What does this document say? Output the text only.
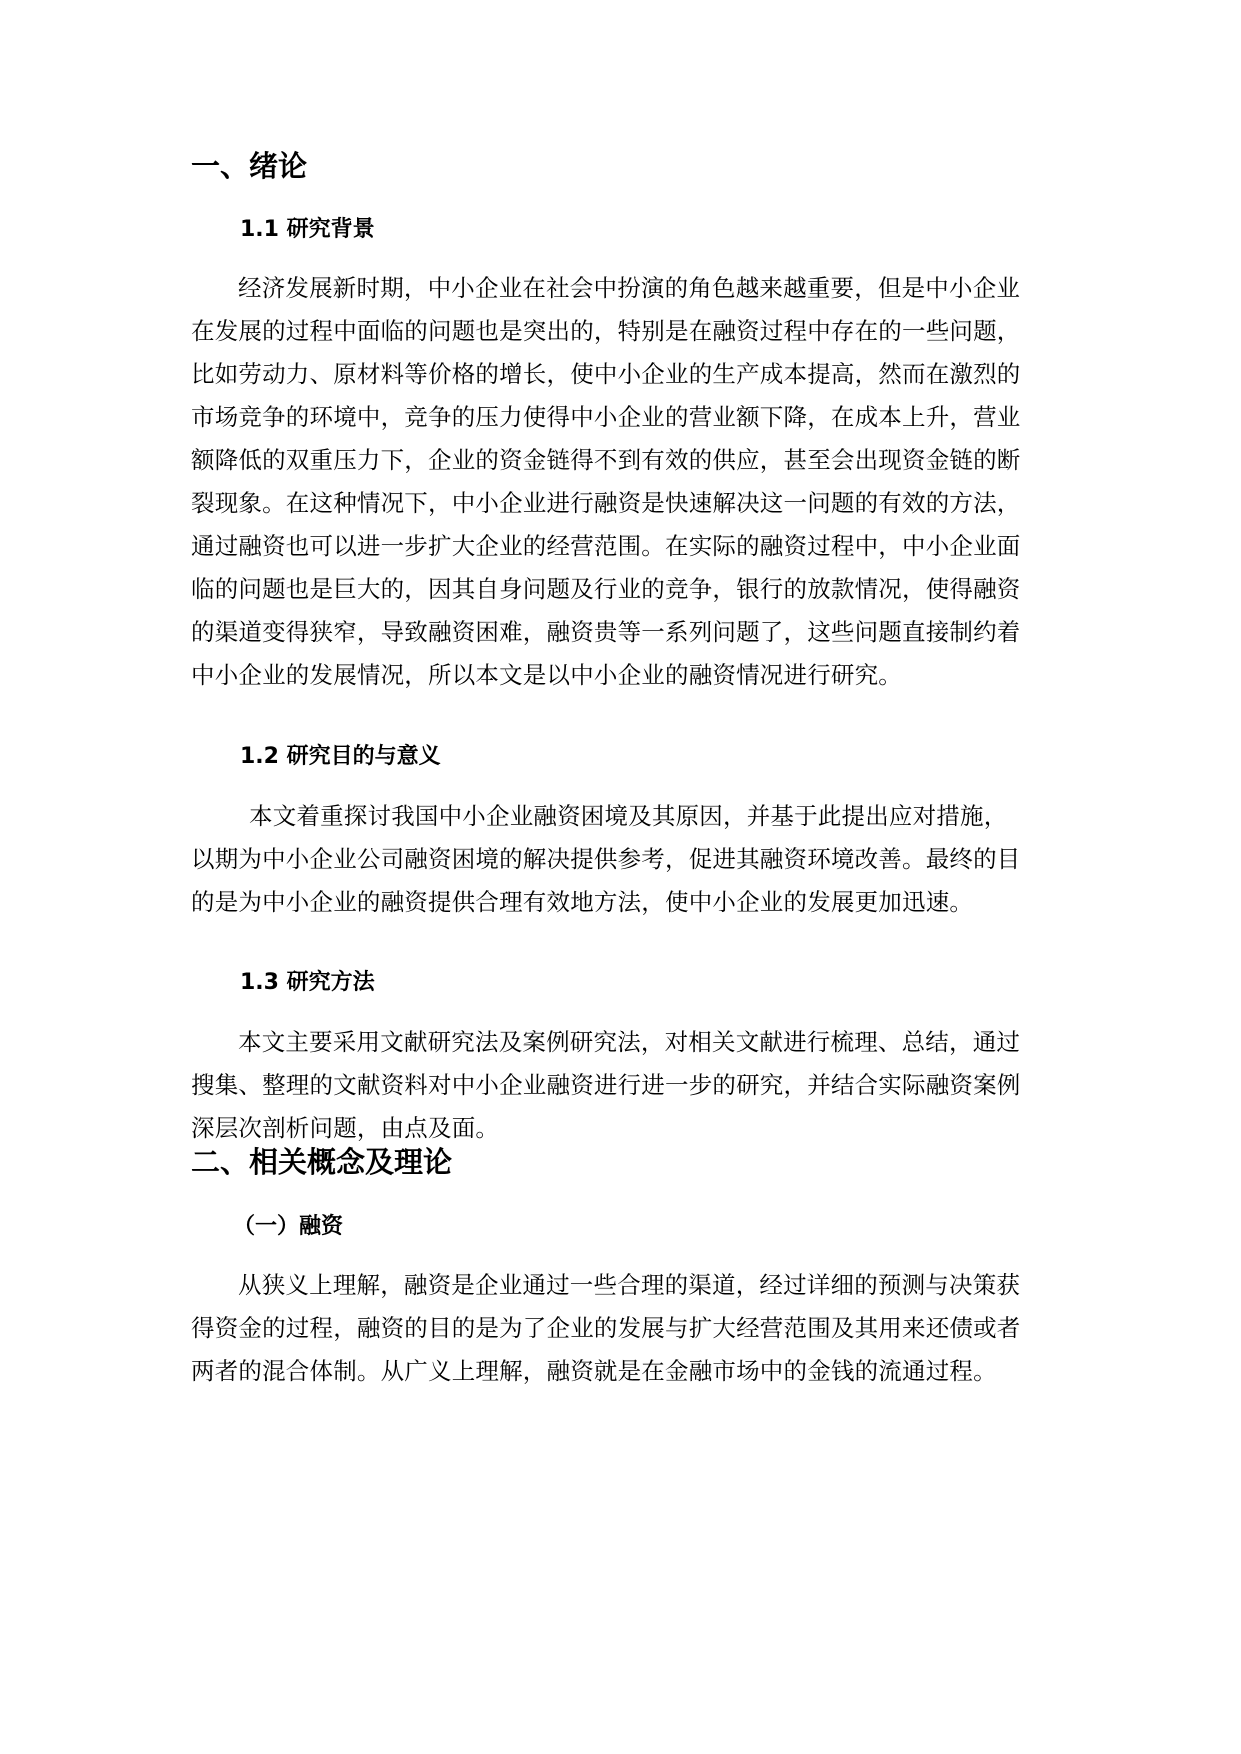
一、绪论
1.1 研究背景
经济发展新时期，中小企业在社会中扮演的角色越来越重要，但是中小企业
在发展的过程中面临的问题也是突出的，特别是在融资过程中存在的一些问题，
比如劳动力、原材料等价格的增长，使中小企业的生产成本提高，然而在激烈的
市场竞争的环境中，竞争的压力使得中小企业的营业额下降，在成本上升，营业
额降低的双重压力下，企业的资金链得不到有效的供应，甚至会出现资金链的断
裂现象。在这种情况下，中小企业进行融资是快速解决这一问题的有效的方法，
通过融资也可以进一步扩大企业的经营范围。在实际的融资过程中，中小企业面
临的问题也是巨大的，因其自身问题及行业的竞争，银行的放款情况，使得融资
的渠道变得狭窄，导致融资困难，融资贵等一系列问题了，这些问题直接制约着
中小企业的发展情况，所以本文是以中小企业的融资情况进行研究。
1.2 研究目的与意义
本文着重探讨我国中小企业融资困境及其原因，并基于此提出应对措施，
以期为中小企业公司融资困境的解决提供参考，促进其融资环境改善。最终的目
的是为中小企业的融资提供合理有效地方法，使中小企业的发展更加迅速。
1.3 研究方法
本文主要采用文献研究法及案例研究法，对相关文献进行梳理、总结，通过
搜集、整理的文献资料对中小企业融资进行进一步的研究，并结合实际融资案例
深层次剖析问题，由点及面。
二、相关概念及理论
（一）融资
从狭义上理解，融资是企业通过一些合理的渠道，经过详细的预测与决策获
得资金的过程，融资的目的是为了企业的发展与扩大经营范围及其用来还债或者
两者的混合体制。从广义上理解，融资就是在金融市场中的金钱的流通过程。
